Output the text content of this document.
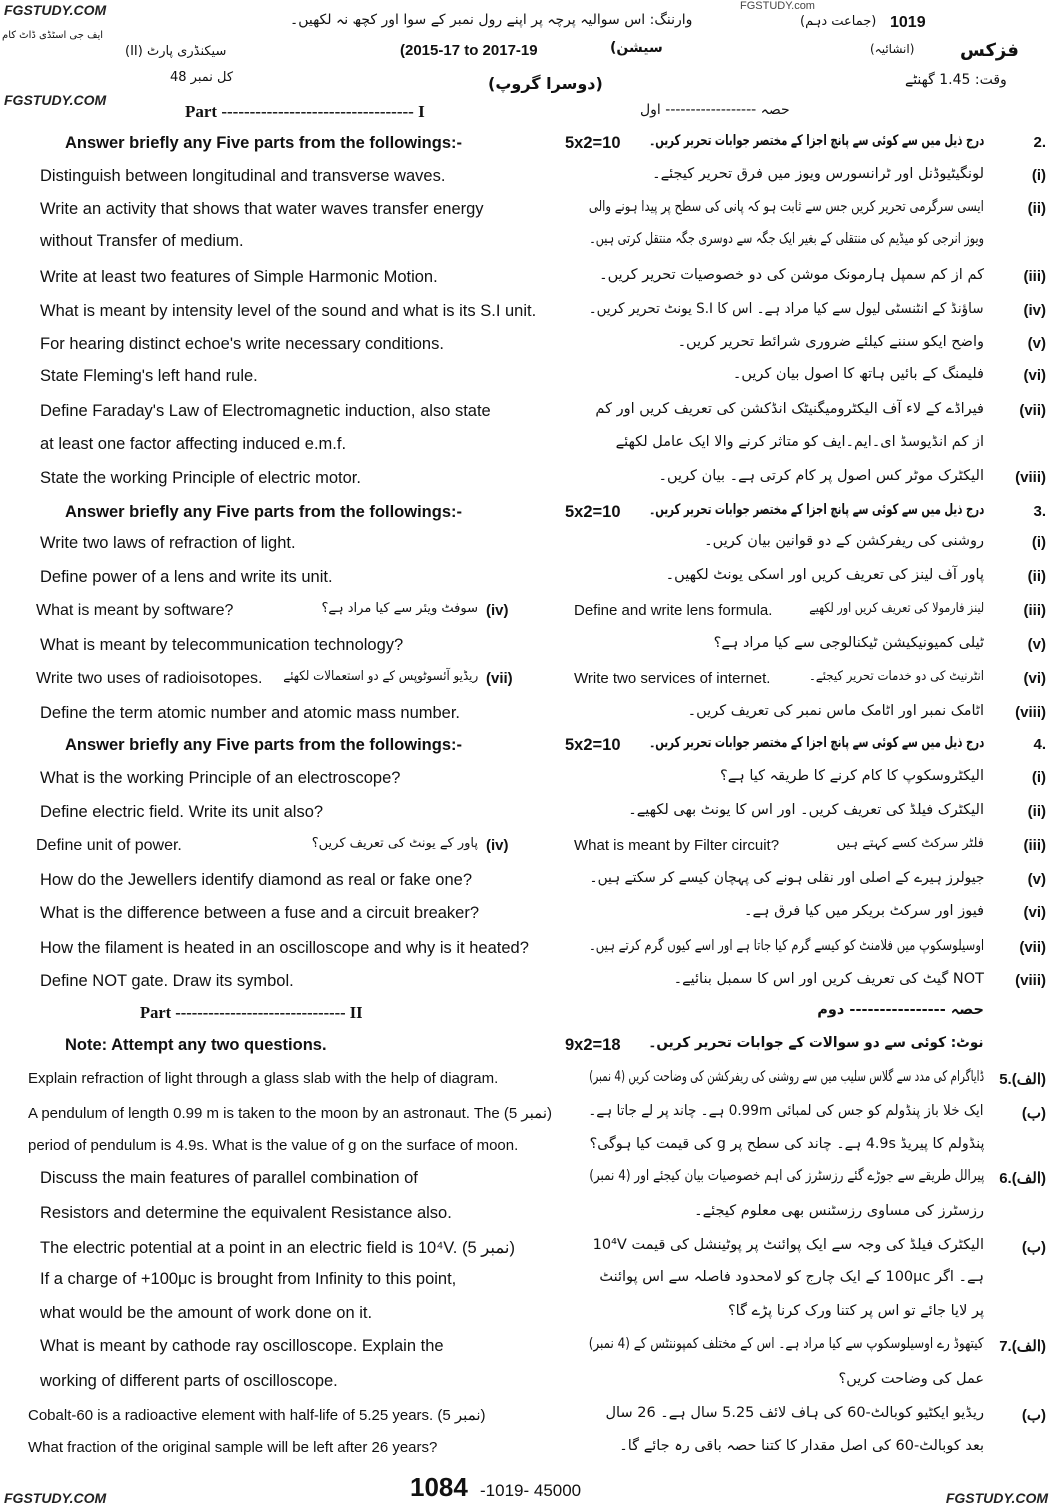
FGSTUDY.COM
FGSTUDY.COM
FGSTUDY.COM	FGSTUDY.COM
FGSTUDY.com
ایف جی اسٹڈی ڈاٹ کام
وارننگ: اس سوالیہ پرچہ پر اپنے رول نمبر کے سوا اور کچھ نہ لکھیں۔	1019
(جماعت دہم)
فزکس
(انشائیہ)
(2015-17 to 2017-19	سیشن)
سیکنڈری پارٹ (II)
کل نمبر 48	(دوسرا گروپ)	وقت: 1.45 گھنٹے
Part ---------------------------------- I	حصہ ------------------ اول
Answer briefly any Five parts from the followings:-	5x2=10 درج ذیل میں سے کوئی سے پانچ اجزا کے مختصر جوابات تحریر کریں۔	2.
Distinguish between longitudinal and transverse waves.	لونگیٹیوڈنل اور ٹرانسورس ویوز میں فرق تحریر کیجئے۔	(i)
Write an activity that shows that water waves transfer energy	ایسی سرگرمی تحریر کریں جس سے ثابت ہو کہ پانی کی سطح پر پیدا ہونے والی	(ii)
without Transfer of medium.	ویوز انرجی کو میڈیم کی منتقلی کے بغیر ایک جگہ سے دوسری جگہ منتقل کرتی ہیں۔
Write at least two features of Simple Harmonic Motion.	کم از کم سمپل ہارمونک موشن کی دو خصوصیات تحریر کریں۔	(iii)
What is meant by intensity level of the sound and what is its S.I unit.	ساؤنڈ کے انٹنسٹی لیول سے کیا مراد ہے۔ اس کا S.I یونٹ تحریر کریں۔	(iv)
For hearing distinct echoe's write necessary conditions.	واضح ایکو سننے کیلئے ضروری شرائط تحریر کریں۔	(v)
State Fleming's left hand rule.	فلیمنگ کے بائیں ہاتھ کا اصول بیان کریں۔	(vi)
Define Faraday's Law of Electromagnetic induction, also state	فیراڈے کے لاء آف الیکٹرومیگنیٹک انڈکشن کی تعریف کریں اور کم (vii)
at least one factor affecting induced e.m.f.	از کم انڈیوسڈ ای۔ایم۔ایف کو متاثر کرنے والا ایک عامل لکھئے
State the working Principle of electric motor.	الیکٹرک موٹر کس اصول پر کام کرتی ہے۔ بیان کریں۔ (viii)
Answer briefly any Five parts from the followings:-	5x2=10 درج ذیل میں سے کوئی سے پانچ اجزا کے مختصر جوابات تحریر کریں۔	3.
Write two laws of refraction of light.	روشنی کی ریفرکشن کے دو قوانین بیان کریں۔	(i)
Define power of a lens and write its unit.	پاور آف لینز کی تعریف کریں اور اسکی یونٹ لکھیں۔	(ii)
What is meant by software?	سوفٹ ویئر سے کیا مراد ہے؟ (iv)	Define and write lens formula.	لینز فارمولا کی تعریف کریں اور لکھیے	(iii)
What is meant by telecommunication technology?	ٹیلی کمیونیکیشن ٹیکنالوجی سے کیا مراد ہے؟	(v)
Write two uses of radioisotopes. ریڈیو آئسوٹوپس کے دو استعمالات لکھئے (vii)	Write two services of internet.	انٹرنیٹ کی دو خدمات تحریر کیجئے۔	(vi)
Define the term atomic number and atomic mass number.	اٹامک نمبر اور اٹامک ماس نمبر کی تعریف کریں۔ (viii)
Answer briefly any Five parts from the followings:-	5x2=10 درج ذیل میں سے کوئی سے پانچ اجزا کے مختصر جوابات تحریر کریں۔	4.
What is the working Principle of an electroscope?	الیکٹروسکوپ کا کام کرنے کا طریقہ کیا ہے؟	(i)
Define electric field. Write its unit also?	الیکٹرک فیلڈ کی تعریف کریں۔ اور اس کا یونٹ بھی لکھیے۔	(ii)
Define unit of power.	پاور کے یونٹ کی تعریف کریں؟ (iv)	What is meant by Filter circuit?	فلٹر سرکٹ کسے کہتے ہیں	(iii)
How do the Jewellers identify diamond as real or fake one?	جیولرز ہیرے کے اصلی اور نقلی ہونے کی پہچان کیسے کر سکتے ہیں۔	(v)
What is the difference between a fuse and a circuit breaker?	فیوز اور سرکٹ بریکر میں کیا فرق ہے۔	(vi)
How the filament is heated in an oscilloscope and why is it heated?	اوسیلوسکوپ میں فلامنٹ کو کیسے گرم کیا جاتا ہے اور اسے کیوں گرم کرتے ہیں۔ (vii)
Define NOT gate. Draw its symbol.	NOT گیٹ کی تعریف کریں اور اس کا سمبل بنائیے۔ (viii)
Part ------------------------------- II	حصہ ---------------- دوم
Note: Attempt any two questions.	9x2=18 نوٹ: کوئی سے دو سوالات کے جوابات تحریر کریں۔
Explain refraction of light through a glass slab with the help of diagram.	ڈایاگرام کی مدد سے گلاس سلیب میں سے روشنی کی ریفرکشن کی وضاحت کریں (4 نمبر) 5.(الف)
A pendulum of length 0.99 m is taken to the moon by an astronaut. The (5 نمبر)	ایک خلا باز پنڈولم کو جس کی لمبائی 0.99m ہے۔ چاند پر لے جاتا ہے۔	(ب)
period of pendulum is 4.9s. What is the value of g on the surface of moon.	پنڈولم کا پیریڈ 4.9s ہے۔ چاند کی سطح پر g کی قیمت کیا ہوگی؟
Discuss the main features of parallel combination of	پیرالل طریقے سے جوڑے گئے رزسٹرز کی اہم خصوصیات بیان کیجئے اور (4 نمبر) 6.(الف)
Resistors and determine the equivalent Resistance also.	رزسٹرز کی مساوی رزسٹنس بھی معلوم کیجئے۔
The electric potential at a point in an electric field is 10⁴V. (5 نمبر)	الیکٹرک فیلڈ کی وجہ سے ایک پوائنٹ پر پوٹینشل کی قیمت 10⁴V	(ب)
If a charge of +100μc is brought from Infinity to this point,	ہے۔ اگر 100μc کے ایک چارج کو لامحدود فاصلہ سے اس پوائنٹ
what would be the amount of work done on it.	پر لایا جائے تو اس پر کتنا ورک کرنا پڑے گا؟
What is meant by cathode ray oscilloscope. Explain the	کیتھوڈ رے اوسیلوسکوپ سے کیا مراد ہے۔ اس کے مختلف کمپوننٹس کے (4 نمبر) 7.(الف)
working of different parts of oscilloscope.	عمل کی وضاحت کریں؟
Cobalt-60 is a radioactive element with half-life of 5.25 years. (5 نمبر)	ریڈیو ایکٹیو کوبالٹ-60 کی ہاف لائف 5.25 سال ہے۔ 26 سال	(ب)
What fraction of the original sample will be left after 26 years?	بعد کوبالٹ-60 کی اصل مقدار کا کتنا حصہ باقی رہ جائے گا۔
1084 -1019- 45000
